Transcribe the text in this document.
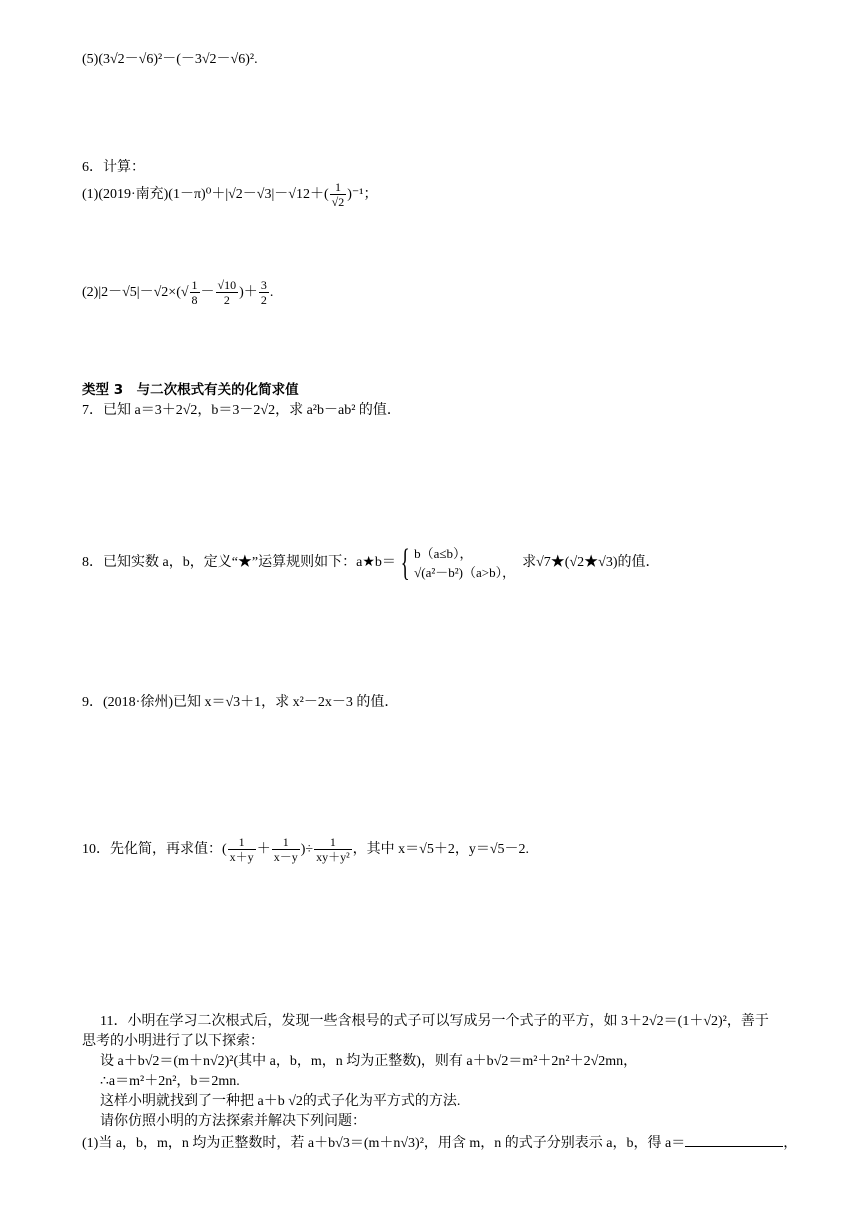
(5)(3√2－√6)²－(－3√2－√6)².
6．计算：
(1)(2019·南充)$(1-\pi)^0+|√2-√3|-√12+( \frac{1}{√2} )^{-1}$；
$(2)|2-√5|-√2\times(√ \frac{1}{8} - \frac{√10}{2}$ )＋ $\frac{3}{2}$ .
类型 3　与二次根式有关的化简求值
7．已知 a＝3＋2√2，b＝3－2√2，求 a²b－ab² 的值．
8．已知实数 a，b，定义“★”运算规则如下：a★b＝ { b（a≤b），
√(a²－b²)（a>b），
求√7★(√2★√3)的值．
9．(2018·徐州)已知 x＝√3＋1，求 x²－2x－3 的值．
10．先化简，再求值：( $\frac{1}{x+y} + \frac{1}{x-y}$ )÷ $\frac{1}{\text{xy＋y²}}$ ，其中 x＝√5＋2，y＝√5－2.
11．小明在学习二次根式后，发现一些含根号的式子可以写成另一个式子的平方，如 3＋2√2＝(1＋√2)²，善于
思考的小明进行了以下探索：
设 a＋b√2＝(m＋n√2)²(其中 a，b，m，n 均为正整数)，则有 a＋b√2＝m²＋2n²＋2√2mn，
∴a＝m²＋2n²，b＝2mn.
这样小明就找到了一种把 a＋b √2的式子化为平方式的方法.
请你仿照小明的方法探索并解决下列问题：
(1)当 a，b，m，n 均为正整数时，若 a＋b√3＝(m＋n√3)²，用含 m，n 的式子分别表示 a，b，得 a＝	，
